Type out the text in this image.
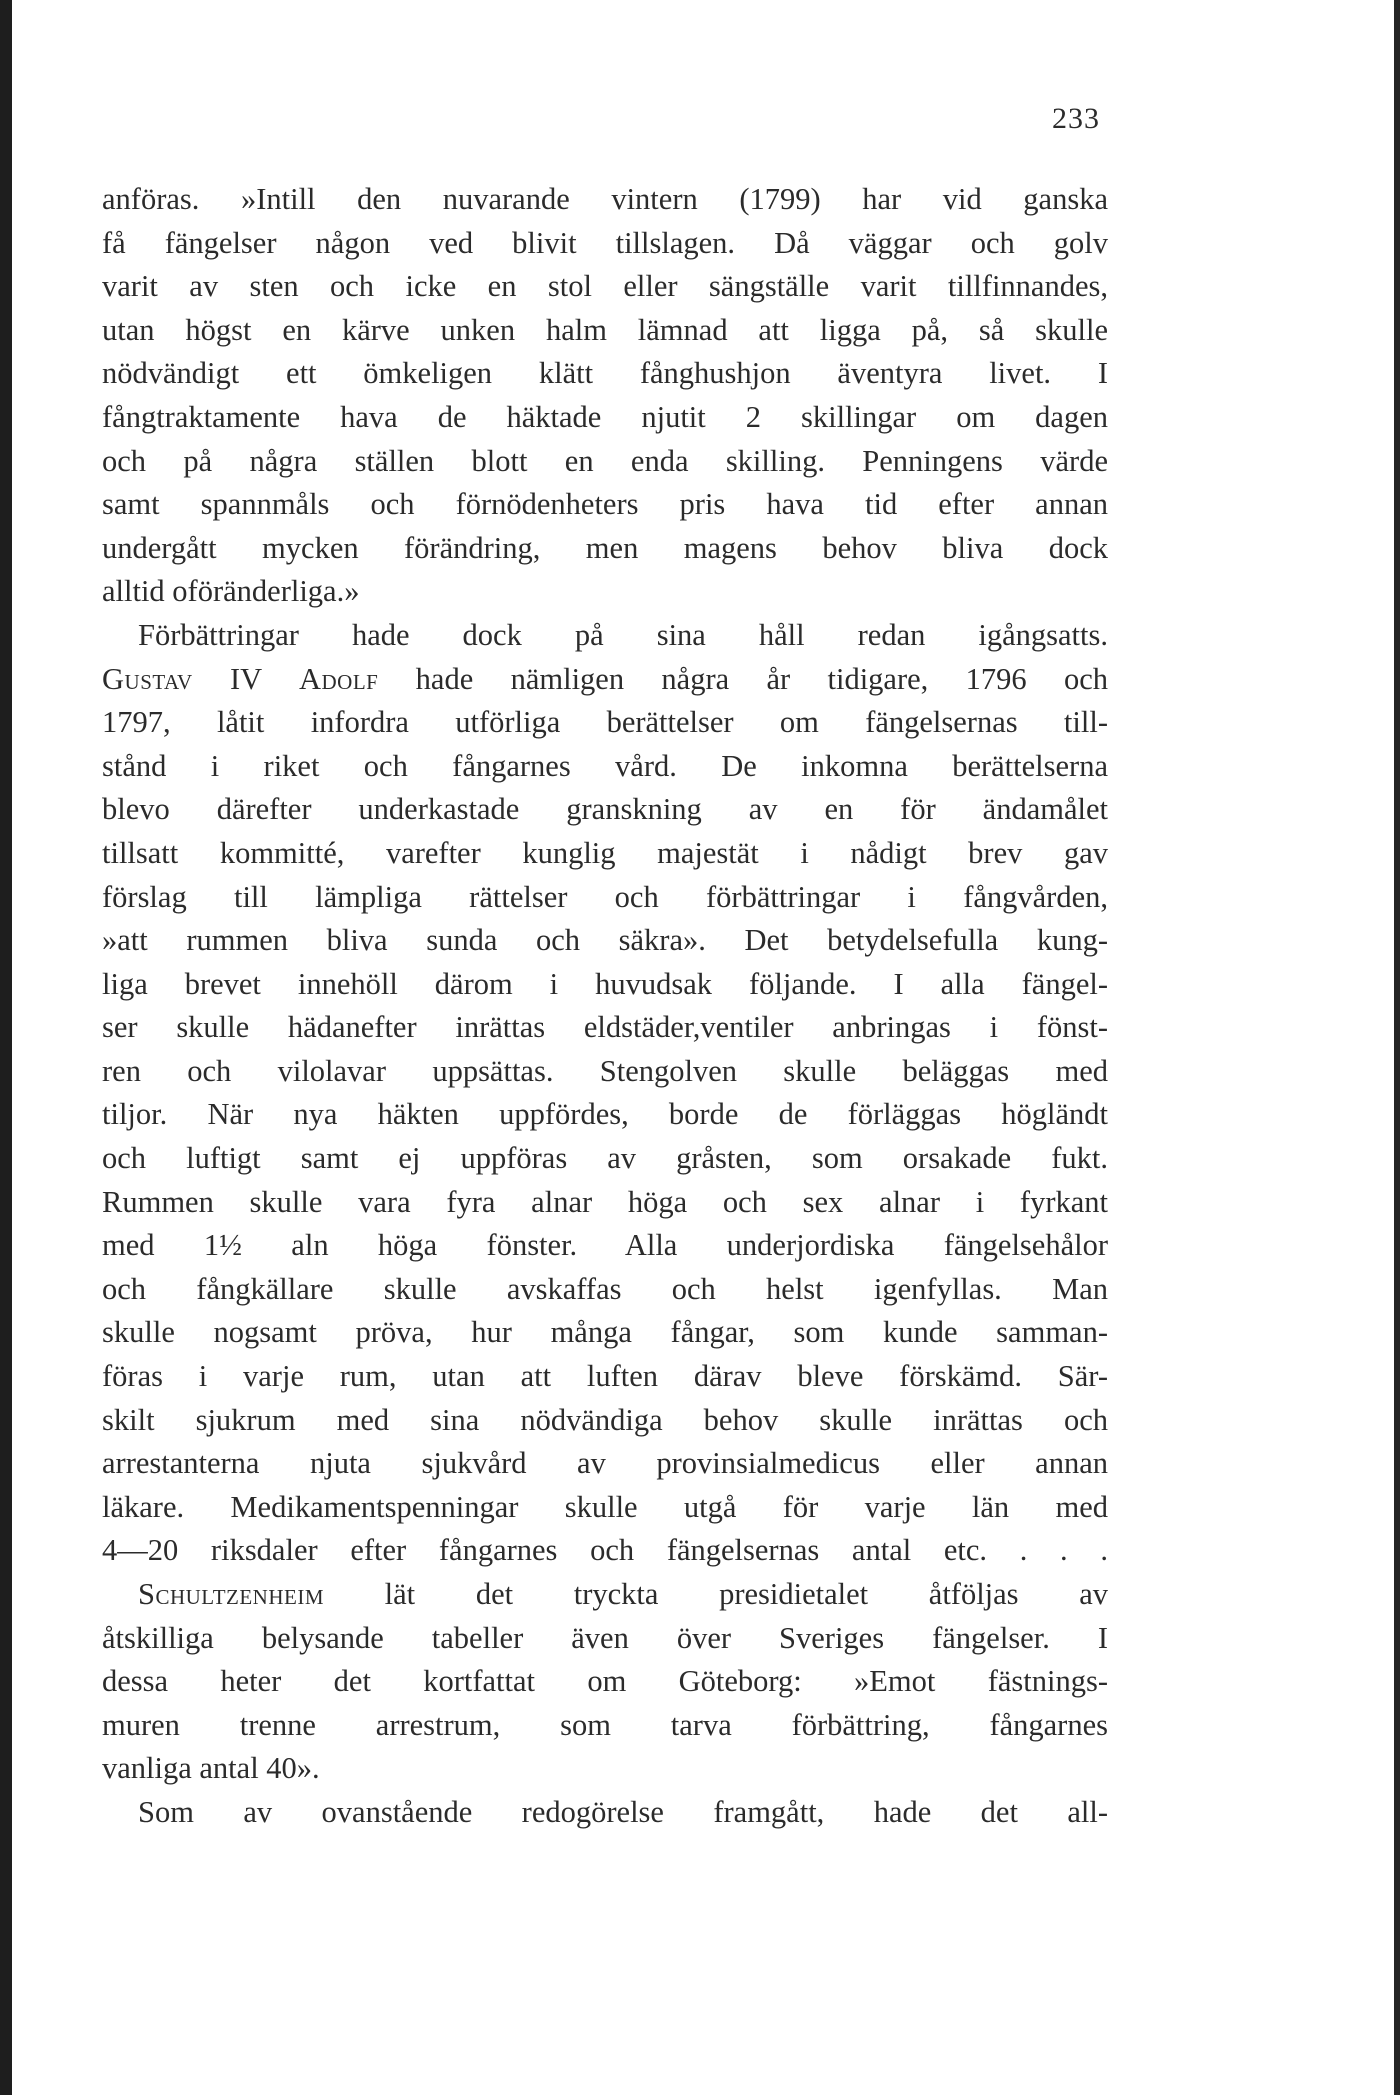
233
anföras. »Intill den nuvarande vintern (1799) har vid ganska
få fängelser någon ved blivit tillslagen. Då väggar och golv
varit av sten och icke en stol eller sängställe varit tillfinnandes,
utan högst en kärve unken halm lämnad att ligga på, så skulle
nödvändigt ett ömkeligen klätt fånghushjon äventyra livet. I
fångtraktamente hava de häktade njutit 2 skillingar om dagen
och på några ställen blott en enda skilling. Penningens värde
samt spannmåls och förnödenheters pris hava tid efter annan
undergått mycken förändring, men magens behov bliva dock
alltid oföränderliga.»
Förbättringar hade dock på sina håll redan igångsatts.
Gustav IV Adolf hade nämligen några år tidigare, 1796 och
1797, låtit infordra utförliga berättelser om fängelsernas till-
stånd i riket och fångarnes vård. De inkomna berättelserna
blevo därefter underkastade granskning av en för ändamålet
tillsatt kommitté, varefter kunglig majestät i nådigt brev gav
förslag till lämpliga rättelser och förbättringar i fångvården,
»att rummen bliva sunda och säkra». Det betydelsefulla kung-
liga brevet innehöll därom i huvudsak följande. I alla fängel-
ser skulle hädanefter inrättas eldstäder,ventiler anbringas i fönst-
ren och vilolavar uppsättas. Stengolven skulle beläggas med
tiljor. När nya häkten uppfördes, borde de förläggas högländt
och luftigt samt ej uppföras av gråsten, som orsakade fukt.
Rummen skulle vara fyra alnar höga och sex alnar i fyrkant
med 1½ aln höga fönster. Alla underjordiska fängelsehålor
och fångkällare skulle avskaffas och helst igenfyllas. Man
skulle nogsamt pröva, hur många fångar, som kunde samman-
föras i varje rum, utan att luften därav bleve förskämd. Sär-
skilt sjukrum med sina nödvändiga behov skulle inrättas och
arrestanterna njuta sjukvård av provinsialmedicus eller annan
läkare. Medikamentspenningar skulle utgå för varje län med
4—20 riksdaler efter fångarnes och fängelsernas antal etc. . . .
Schultzenheim lät det tryckta presidietalet åtföljas av
åtskilliga belysande tabeller även över Sveriges fängelser. I
dessa heter det kortfattat om Göteborg: »Emot fästnings-
muren trenne arrestrum, som tarva förbättring, fångarnes
vanliga antal 40».
Som av ovanstående redogörelse framgått, hade det all-
